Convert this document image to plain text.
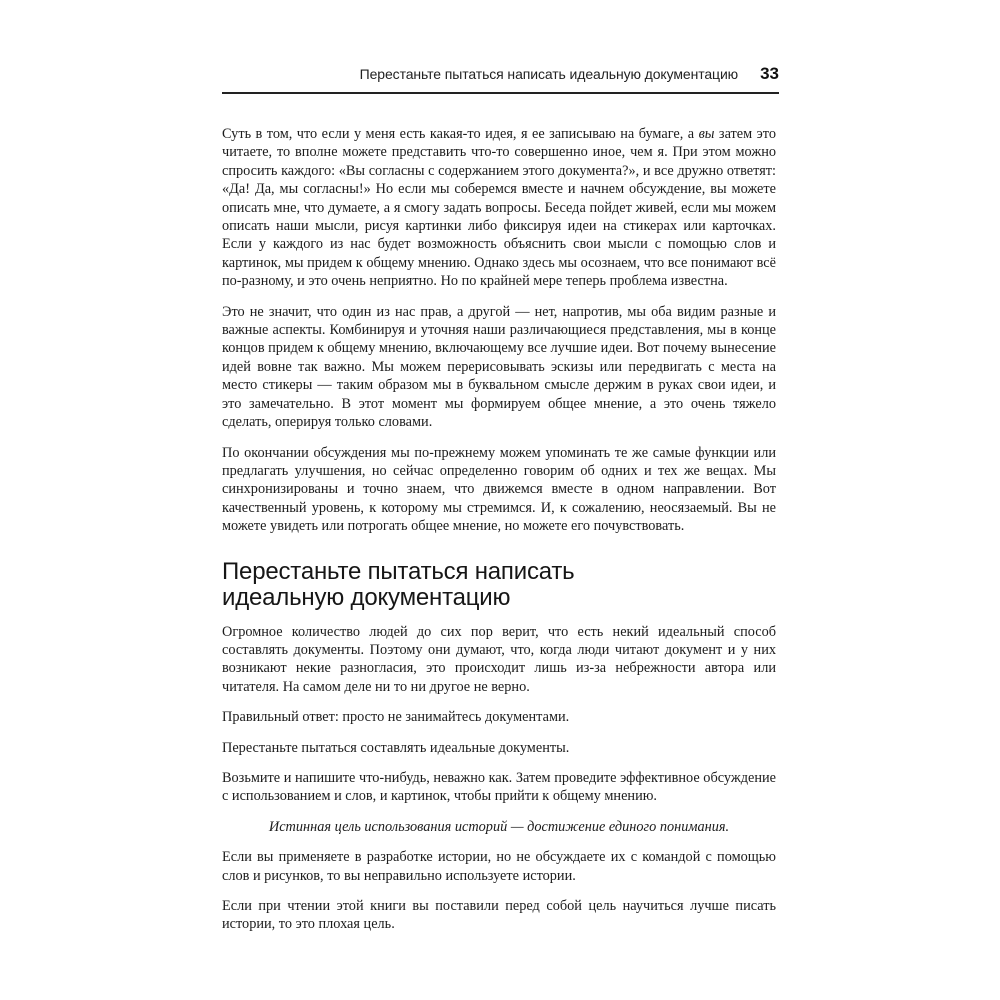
Перестаньте пытаться написать идеальную документацию 33

Суть в том, что если у меня есть какая-то идея, я ее записываю на бумаге, а вы затем это читаете, то вполне можете представить что-то совершенно иное, чем я. При этом можно спросить каждого: «Вы согласны с содержанием этого документа?», и все дружно ответят: «Да! Да, мы согласны!» Но если мы соберемся вместе и начнем обсуждение, вы можете описать мне, что думаете, а я смогу задать вопросы. Беседа пойдет живей, если мы можем описать наши мысли, рисуя картинки либо фиксируя идеи на стикерах или карточках. Если у каждого из нас будет возможность объяснить свои мысли с помощью слов и картинок, мы придем к общему мнению. Однако здесь мы осознаем, что все понимают всё по-разному, и это очень неприятно. Но по крайней мере теперь проблема известна.

Это не значит, что один из нас прав, а другой — нет, напротив, мы оба видим разные и важные аспекты. Комбинируя и уточняя наши различающиеся представления, мы в конце концов придем к общему мнению, включающему все лучшие идеи. Вот почему вынесение идей вовне так важно. Мы можем перерисовывать эскизы или передвигать с места на место стикеры — таким образом мы в буквальном смысле держим в руках свои идеи, и это замечательно. В этот момент мы формируем общее мнение, а это очень тяжело сделать, оперируя только словами.

По окончании обсуждения мы по-прежнему можем упоминать те же самые функции или предлагать улучшения, но сейчас определенно говорим об одних и тех же вещах. Мы синхронизированы и точно знаем, что движемся вместе в одном направлении. Вот качественный уровень, к которому мы стремимся. И, к сожалению, неосязаемый. Вы не можете увидеть или потрогать общее мнение, но можете его почувствовать.

Перестаньте пытаться написать
идеальную документацию

Огромное количество людей до сих пор верит, что есть некий идеальный способ составлять документы. Поэтому они думают, что, когда люди читают документ и у них возникают некие разногласия, это происходит лишь из-за небрежности автора или читателя. На самом деле ни то ни другое не верно.

Правильный ответ: просто не занимайтесь документами.

Перестаньте пытаться составлять идеальные документы.

Возьмите и напишите что-нибудь, неважно как. Затем проведите эффективное обсуждение с использованием и слов, и картинок, чтобы прийти к общему мнению.

Истинная цель использования историй — достижение единого понимания.

Если вы применяете в разработке истории, но не обсуждаете их с командой с помощью слов и рисунков, то вы неправильно используете истории.

Если при чтении этой книги вы поставили перед собой цель научиться лучше писать истории, то это плохая цель.
